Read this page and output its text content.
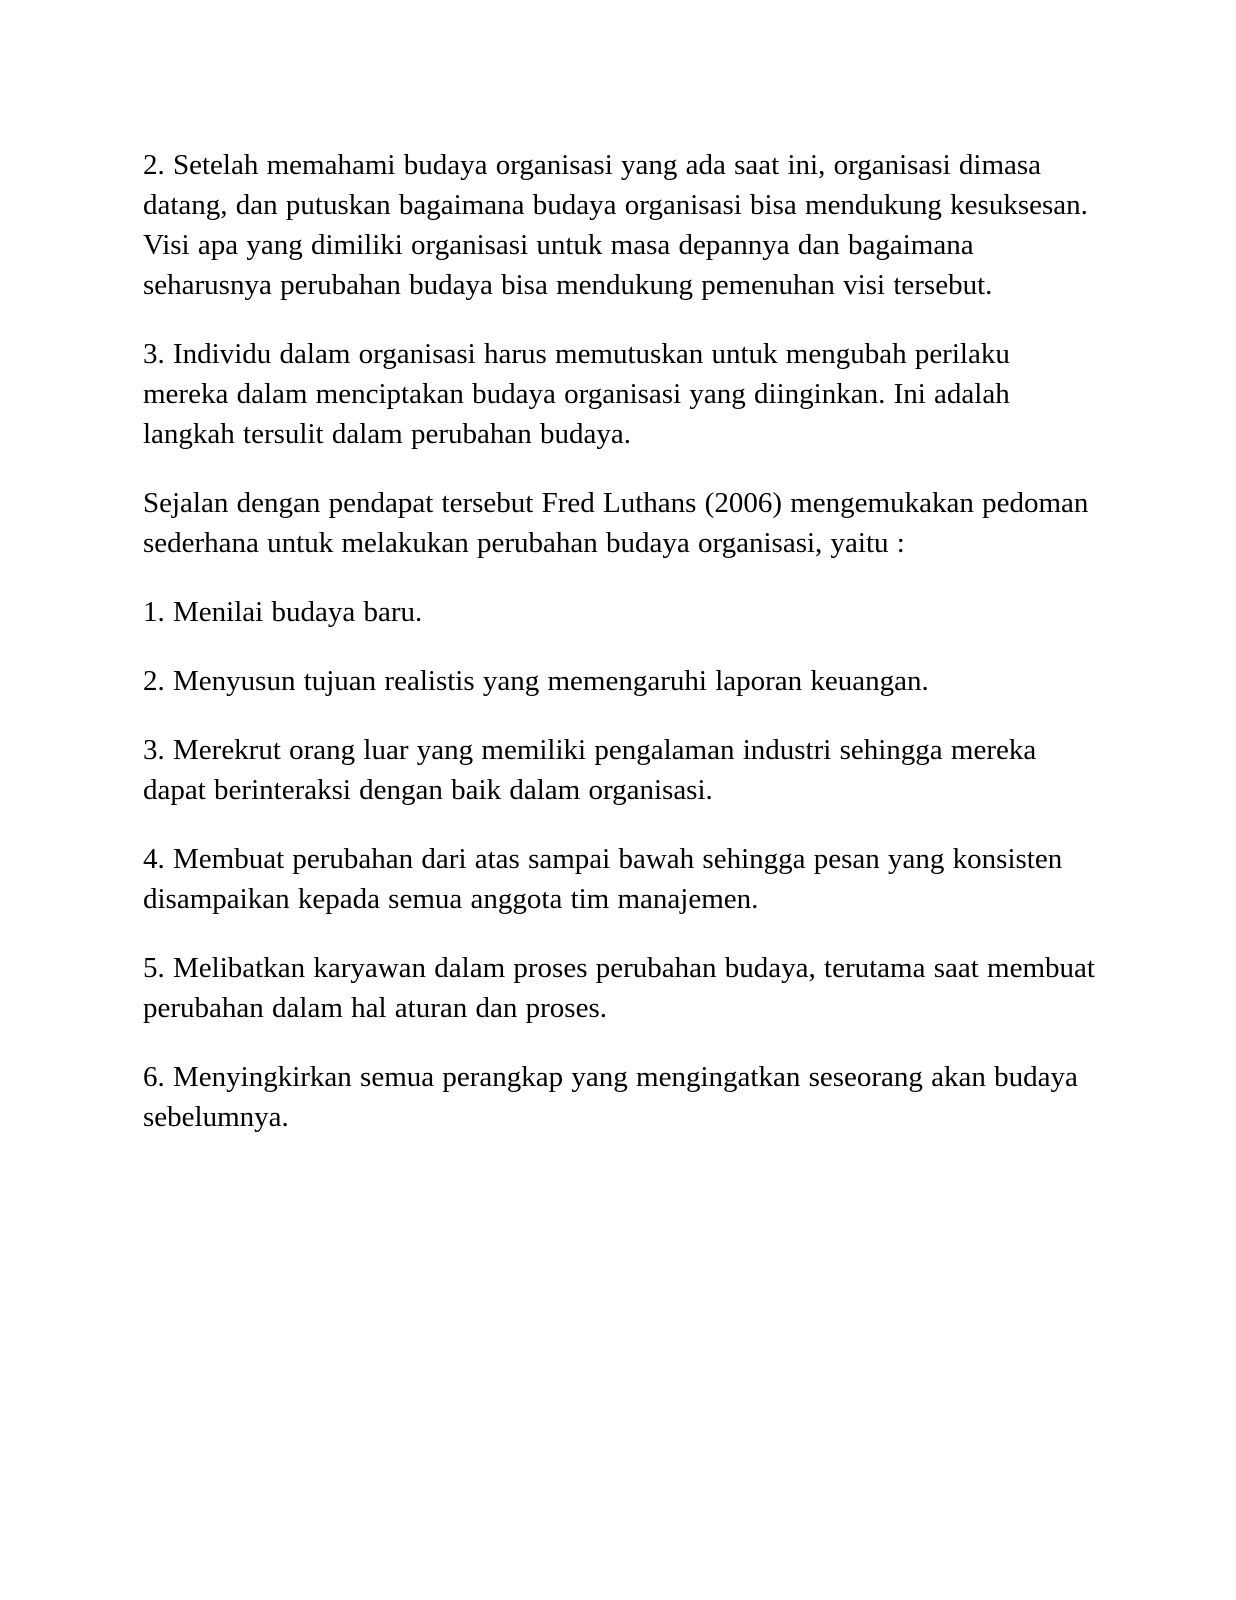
2. Setelah memahami budaya organisasi yang ada saat ini, organisasi dimasa datang, dan putuskan bagaimana budaya organisasi bisa mendukung kesuksesan. Visi apa yang dimiliki organisasi untuk masa depannya dan bagaimana seharusnya perubahan budaya bisa mendukung pemenuhan visi tersebut.

3. Individu dalam organisasi harus memutuskan untuk mengubah perilaku mereka dalam menciptakan budaya organisasi yang diinginkan. Ini adalah langkah tersulit dalam perubahan budaya.

Sejalan dengan pendapat tersebut Fred Luthans (2006) mengemukakan pedoman sederhana untuk melakukan perubahan budaya organisasi, yaitu :

1. Menilai budaya baru.

2. Menyusun tujuan realistis yang memengaruhi laporan keuangan.

3. Merekrut orang luar yang memiliki pengalaman industri sehingga mereka dapat berinteraksi dengan baik dalam organisasi.

4. Membuat perubahan dari atas sampai bawah sehingga pesan yang konsisten disampaikan kepada semua anggota tim manajemen.

5. Melibatkan karyawan dalam proses perubahan budaya, terutama saat membuat perubahan dalam hal aturan dan proses.

6. Menyingkirkan semua perangkap yang mengingatkan seseorang akan budaya sebelumnya.
